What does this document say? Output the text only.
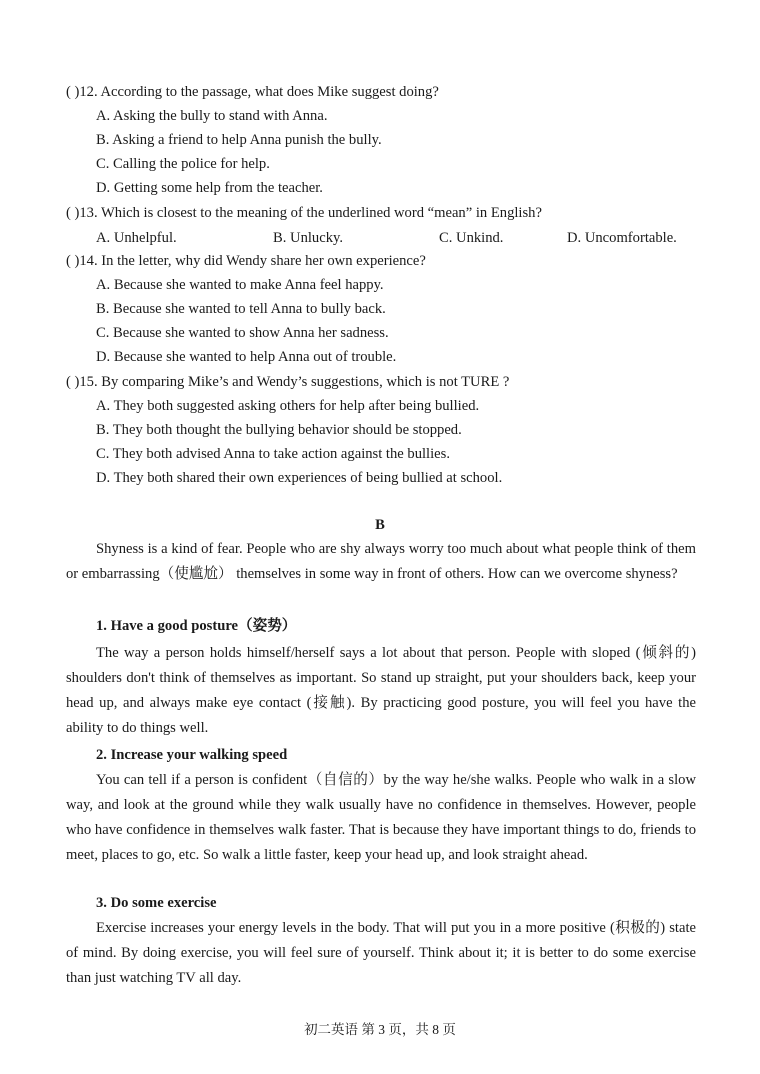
( )12. According to the passage, what does Mike suggest doing?
A. Asking the bully to stand with Anna.
B. Asking a friend to help Anna punish the bully.
C. Calling the police for help.
D. Getting some help from the teacher.
( )13. Which is closest to the meaning of the underlined word “mean” in English?
A. Unhelpful.	B. Unlucky.	C. Unkind.	D. Uncomfortable.
( )14. In the letter, why did Wendy share her own experience?
A. Because she wanted to make Anna feel happy.
B. Because she wanted to tell Anna to bully back.
C. Because she wanted to show Anna her sadness.
D. Because she wanted to help Anna out of trouble.
( )15. By comparing Mike’s and Wendy’s suggestions, which is not TURE ?
A. They both suggested asking others for help after being bullied.
B. They both thought the bullying behavior should be stopped.
C. They both advised Anna to take action against the bullies.
D. They both shared their own experiences of being bullied at school.
B
Shyness is a kind of fear. People who are shy always worry too much about what people think of them or embarrassing（使尴尬） themselves in some way in front of others. How can we overcome shyness?
1. Have a good posture（姿势）
The way a person holds himself/herself says a lot about that person. People with sloped (倾斜的) shoulders don't think of themselves as important. So stand up straight, put your shoulders back, keep your head up, and always make eye contact (接触). By practicing good posture, you will feel you have the ability to do things well.
2. Increase your walking speed
You can tell if a person is confident（自信的）by the way he/she walks. People who walk in a slow way, and look at the ground while they walk usually have no confidence in themselves. However, people who have confidence in themselves walk faster. That is because they have important things to do, friends to meet, places to go, etc. So walk a little faster, keep your head up, and look straight ahead.
3. Do some exercise
Exercise increases your energy levels in the body. That will put you in a more positive (积极的) state of mind. By doing exercise, you will feel sure of yourself. Think about it; it is better to do some exercise than just watching TV all day.
初二英语 第 3 页，共 8 页
